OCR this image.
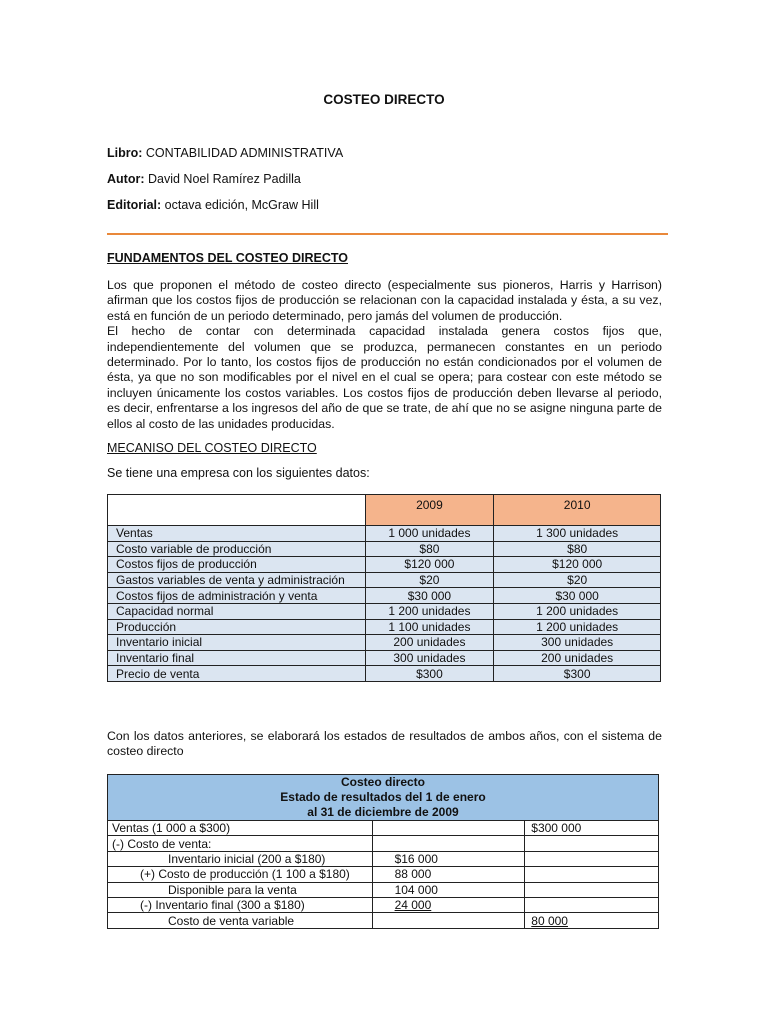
COSTEO DIRECTO
Libro: CONTABILIDAD ADMINISTRATIVA
Autor: David Noel Ramírez Padilla
Editorial: octava edición, McGraw Hill
FUNDAMENTOS DEL COSTEO DIRECTO

Los que proponen el método de costeo directo (especialmente sus pioneros, Harris y Harrison) afirman que los costos fijos de producción se relacionan con la capacidad instalada y ésta, a su vez, está en función de un periodo determinado, pero jamás del volumen de producción.

El hecho de contar con determinada capacidad instalada genera costos fijos que, independientemente del volumen que se produzca, permanecen constantes en un periodo determinado. Por lo tanto, los costos fijos de producción no están condicionados por el volumen de ésta, ya que no son modificables por el nivel en el cual se opera; para costear con este método se incluyen únicamente los costos variables. Los costos fijos de producción deben llevarse al periodo, es decir, enfrentarse a los ingresos del año de que se trate, de ahí que no se asigne ninguna parte de ellos al costo de las unidades producidas.

MECANISO DEL COSTEO DIRECTO
Se tiene una empresa con los siguientes datos:
	2009	2010
Ventas	1 000 unidades	1 300 unidades
Costo variable de producción	$80	$80
Costos fijos de producción	$120 000	$120 000
Gastos variables de venta y administración	$20	$20
Costos fijos de administración y venta	$30 000	$30 000
Capacidad normal	1 200 unidades	1 200 unidades
Producción	1 100 unidades	1 200 unidades
Inventario inicial	200 unidades	300 unidades
Inventario final	300 unidades	200 unidades
Precio de venta	$300	$300
Con los datos anteriores, se elaborará los estados de resultados de ambos años, con el sistema de costeo directo
Costeo directo
Estado de resultados del 1 de enero
al 31 de diciembre de 2009		

Ventas (1 000 a $300)		$300 000
(-) Costo de venta:		
Inventario inicial (200 a $180)	$16 000	
(+) Costo de producción (1 100 a $180)	88 000	
Disponible para la venta	104 000	
(-) Inventario final (300 a $180)	24 000	
Costo de venta variable		80 000
